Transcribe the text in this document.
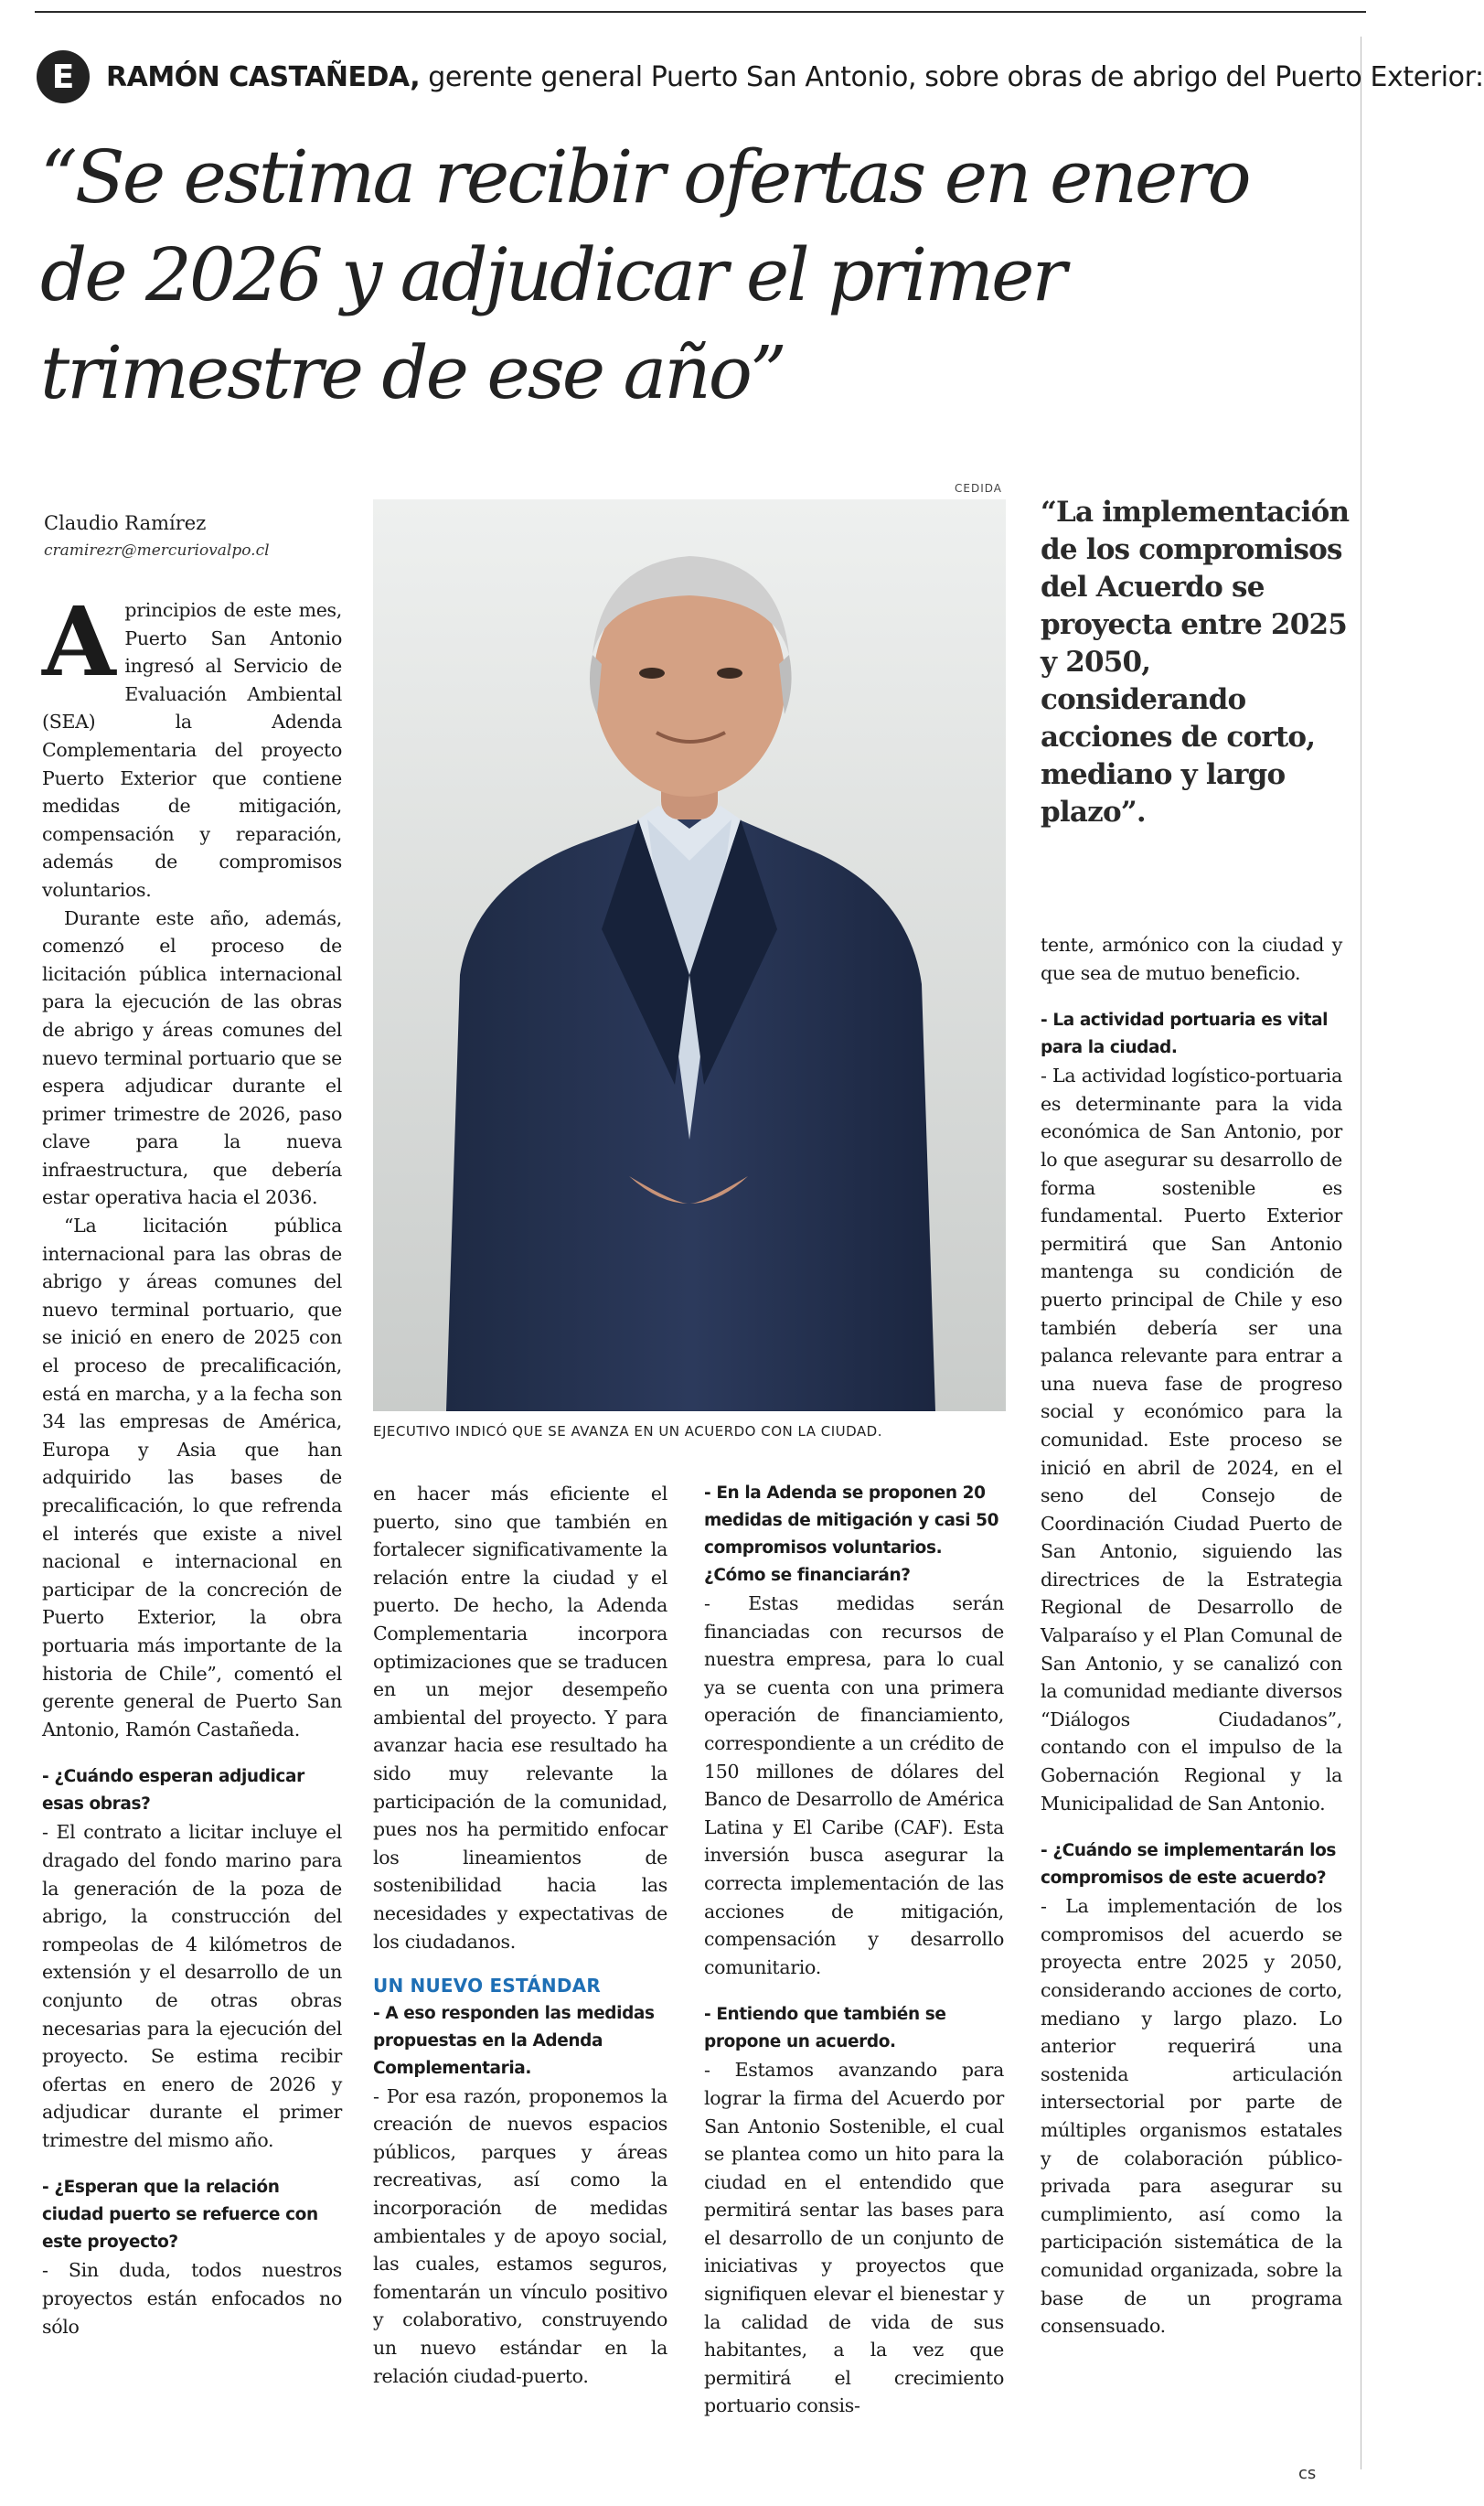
E	RAMÓN CASTAÑEDA, gerente general Puerto San Antonio, sobre obras de abrigo del Puerto Exterior:
“Se estima recibir ofertas en enero de 2026 y adjudicar el primer trimestre de ese año”
Claudio Ramírez
cramirezr@mercuriovalpo.cl
CEDIDA
EJECUTIVO INDICÓ QUE SE AVANZA EN UN ACUERDO CON LA CIUDAD.
“La implementación de los compromisos del Acuerdo se proyecta entre 2025 y 2050, considerando acciones de corto, mediano y largo plazo”.

Aprincipios de este mes, Puerto San Antonio ingresó al Servicio de Evaluación Ambiental (SEA) la Adenda Complementaria del proyecto Puerto Exterior que contiene medidas de mitigación, compensación y reparación, además de compromisos voluntarios.

Durante este año, además, comenzó el proceso de licitación pública internacional para la ejecución de las obras de abrigo y áreas comunes del nuevo terminal portuario que se espera adjudicar durante el primer trimestre de 2026, paso clave para la nueva infraestructura, que debería estar operativa hacia el 2036.

“La licitación pública internacional para las obras de abrigo y áreas comunes del nuevo terminal portuario, que se inició en enero de 2025 con el proceso de precalificación, está en marcha, y a la fecha son 34 las empresas de América, Europa y Asia que han adquirido las bases de precalificación, lo que refrenda el interés que existe a nivel nacional e internacional en participar de la concreción de Puerto Exterior, la obra portuaria más importante de la historia de Chile”, comentó el gerente general de Puerto San Antonio, Ramón Castañeda.

- ¿Cuándo esperan adjudicar esas obras?

- El contrato a licitar incluye el dragado del fondo marino para la generación de la poza de abrigo, la construcción del rompeolas de 4 kilómetros de extensión y el desarrollo de un conjunto de otras obras necesarias para la ejecución del proyecto. Se estima recibir ofertas en enero de 2026 y adjudicar durante el primer trimestre del mismo año.

- ¿Esperan que la relación ciudad puerto se refuerce con este proyecto?

- Sin duda, todos nuestros proyectos están enfocados no sólo

en hacer más eficiente el puerto, sino que también en fortalecer significativamente la relación entre la ciudad y el puerto. De hecho, la Adenda Complementaria incorpora optimizaciones que se traducen en un mejor desempeño ambiental del proyecto. Y para avanzar hacia ese resultado ha sido muy relevante la participación de la comunidad, pues nos ha permitido enfocar los lineamientos de sostenibilidad hacia las necesidades y expectativas de los ciudadanos.

UN NUEVO ESTÁNDAR

- A eso responden las medidas propuestas en la Adenda Complementaria.

- Por esa razón, proponemos la creación de nuevos espacios públicos, parques y áreas recreativas, así como la incorporación de medidas ambientales y de apoyo social, las cuales, estamos seguros, fomentarán un vínculo positivo y colaborativo, construyendo un nuevo estándar en la relación ciudad-puerto.

- En la Adenda se proponen 20 medidas de mitigación y casi 50 compromisos voluntarios. ¿Cómo se financiarán?

- Estas medidas serán financiadas con recursos de nuestra empresa, para lo cual ya se cuenta con una primera operación de financiamiento, correspondiente a un crédito de 150 millones de dólares del Banco de Desarrollo de América Latina y El Caribe (CAF). Esta inversión busca asegurar la correcta implementación de las acciones de mitigación, compensación y desarrollo comunitario.

- Entiendo que también se propone un acuerdo.

- Estamos avanzando para lograr la firma del Acuerdo por San Antonio Sostenible, el cual se plantea como un hito para la ciudad en el entendido que permitirá sentar las bases para el desarrollo de un conjunto de iniciativas y proyectos que signifiquen elevar el bienestar y la calidad de vida de sus habitantes, a la vez que permitirá el crecimiento portuario consis-

tente, armónico con la ciudad y que sea de mutuo beneficio.

- La actividad portuaria es vital para la ciudad.

- La actividad logístico-portuaria es determinante para la vida económica de San Antonio, por lo que asegurar su desarrollo de forma sostenible es fundamental. Puerto Exterior permitirá que San Antonio mantenga su condición de puerto principal de Chile y eso también debería ser una palanca relevante para entrar a una nueva fase de progreso social y económico para la comunidad. Este proceso se inició en abril de 2024, en el seno del Consejo de Coordinación Ciudad Puerto de San Antonio, siguiendo las directrices de la Estrategia Regional de Desarrollo de Valparaíso y el Plan Comunal de San Antonio, y se canalizó con la comunidad mediante diversos “Diálogos Ciudadanos”, contando con el impulso de la Gobernación Regional y la Municipalidad de San Antonio.

- ¿Cuándo se implementarán los compromisos de este acuerdo?

- La implementación de los compromisos del acuerdo se proyecta entre 2025 y 2050, considerando acciones de corto, mediano y largo plazo. Lo anterior requerirá una sostenida articulación intersectorial por parte de múltiples organismos estatales y de colaboración público-privada para asegurar su cumplimiento, así como la participación sistemática de la comunidad organizada, sobre la base de un programa consensuado.

cs
